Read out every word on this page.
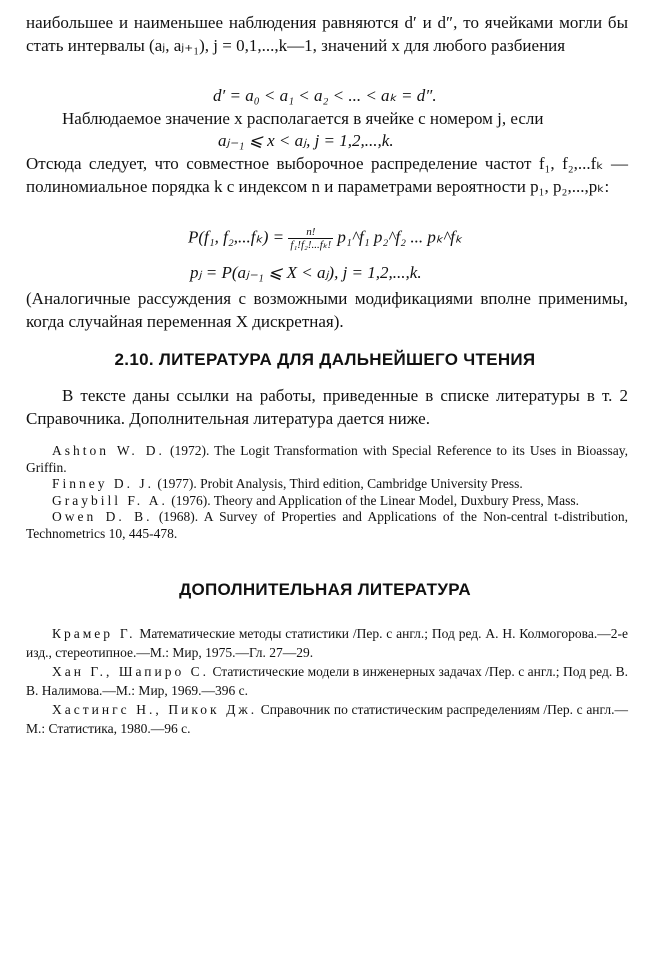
наибольшее и наименьшее наблюдения равняются d′ и d″, то ячейками могли бы стать интервалы (aⱼ, aⱼ₊₁), j = 0,1,...,k—1, значений x для любого разбиения

d′ = a₀ < a₁ < a₂ < ... < aₖ = d″.

Наблюдаемое значение x располагается в ячейке с номером j, если

aⱼ₋₁ ⩽ x < aⱼ, j = 1,2,...,k.

Отсюда следует, что совместное выборочное распределение частот f₁, f₂,...fₖ — полиномиальное порядка k с индексом n и параметрами вероятности p₁, p₂,...,pₖ:

P(f₁, $f_2,...f_k) = \frac{n!}{\text{f₁!f₂!...fₖ!}}$ p₁^f₁ p₂^f₂ ... pₖ^fₖ
pⱼ = P(aⱼ₋₁ ⩽ X < aⱼ), j = 1,2,...,k.

(Аналогичные рассуждения с возможными модификациями вполне применимы, когда случайная переменная X дискретная).

2.10. ЛИТЕРАТУРА ДЛЯ ДАЛЬНЕЙШЕГО ЧТЕНИЯ

В тексте даны ссылки на работы, приведенные в списке литературы в т. 2 Справочника. Дополнительная литература дается ниже.

Ashton W. D. (1972). The Logit Transformation with Special Reference to its Uses in Bioassay, Griffin.

Finney D. J. (1977). Probit Analysis, Third edition, Cambridge University Press.

Graybill F. A. (1976). Theory and Application of the Linear Model, Duxbury Press, Mass.

Owen D. B. (1968). A Survey of Properties and Applications of the Non-central t-distribution, Technometrics 10, 445-478.

ДОПОЛНИТЕЛЬНАЯ ЛИТЕРАТУРА

Крамер Г. Математические методы статистики /Пер. с англ.; Под ред. А. Н. Колмогорова.—2-е изд., стереотипное.—М.: Мир, 1975.—Гл. 27—29.

Хан Г., Шапиро С. Статистические модели в инженерных задачах /Пер. с англ.; Под ред. В. В. Налимова.—М.: Мир, 1969.—396 с.

Хастингс Н., Пикок Дж. Справочник по статистическим распределениям /Пер. с англ.—М.: Статистика, 1980.—96 с.
